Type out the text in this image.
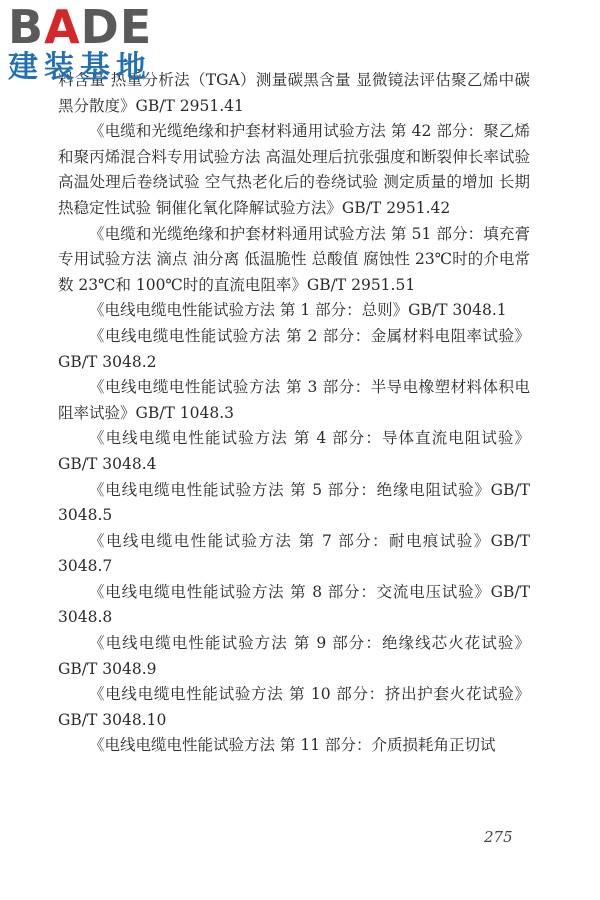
BADE
建装基地

料含量 热重分析法（TGA）测量碳黑含量 显微镜法评估聚乙烯中碳黑分散度》GB/T 2951.41

《电缆和光缆绝缘和护套材料通用试验方法 第 42 部分：聚乙烯和聚丙烯混合料专用试验方法 高温处理后抗张强度和断裂伸长率试验 高温处理后卷绕试验 空气热老化后的卷绕试验 测定质量的增加 长期热稳定性试验 铜催化氧化降解试验方法》GB/T 2951.42

《电缆和光缆绝缘和护套材料通用试验方法 第 51 部分：填充膏专用试验方法 滴点 油分离 低温脆性 总酸值 腐蚀性 23℃时的介电常数 23℃和 100℃时的直流电阻率》GB/T 2951.51

《电线电缆电性能试验方法 第 1 部分：总则》GB/T 3048.1

《电线电缆电性能试验方法 第 2 部分：金属材料电阻率试验》GB/T 3048.2

《电线电缆电性能试验方法 第 3 部分：半导电橡塑材料体积电阻率试验》GB/T 1048.3

《电线电缆电性能试验方法 第 4 部分：导体直流电阻试验》GB/T 3048.4

《电线电缆电性能试验方法 第 5 部分：绝缘电阻试验》GB/T 3048.5

《电线电缆电性能试验方法 第 7 部分：耐电痕试验》GB/T 3048.7

《电线电缆电性能试验方法 第 8 部分：交流电压试验》GB/T 3048.8

《电线电缆电性能试验方法 第 9 部分：绝缘线芯火花试验》GB/T 3048.9

《电线电缆电性能试验方法 第 10 部分：挤出护套火花试验》GB/T 3048.10

《电线电缆电性能试验方法 第 11 部分：介质损耗角正切试

275
